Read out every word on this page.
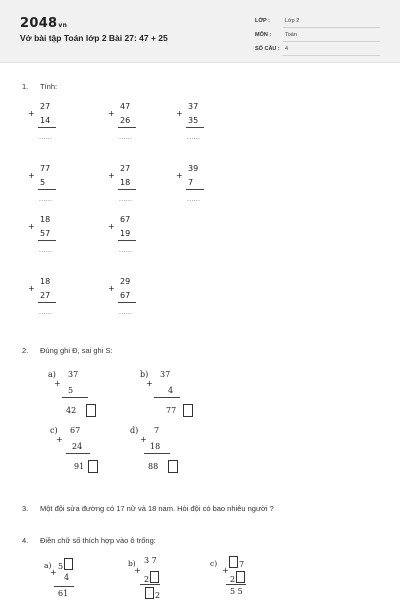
2048vn
Vở bài tập Toán lớp 2 Bài 27: 47 + 25
LỚP :	Lớp 2
MÔN :	Toán
SỐ CÂU : 4
1. Tính:
27
+
14
......
47
+
26
......
37
+
35
......
77
+
5
......
27
+
18
......
39
+
7
......
18
+
57
......
67
+
19
......
18
+
27
......
29
+
67
......
2. Đúng ghi Đ, sai ghi S:
a) 37
+
5
42
b) 37
+
4
77
c) 67
+
24
91
d) 7
+
18
88
3. Một đội sửa đường có 17 nữ và 18 nam. Hỏi đội có bao nhiêu người ?
4. Điền chữ số thích hợp vào ô trống:
a) 5
+
4
61
b) 3 7
+
2
2
c)	7
+
2
5 5
